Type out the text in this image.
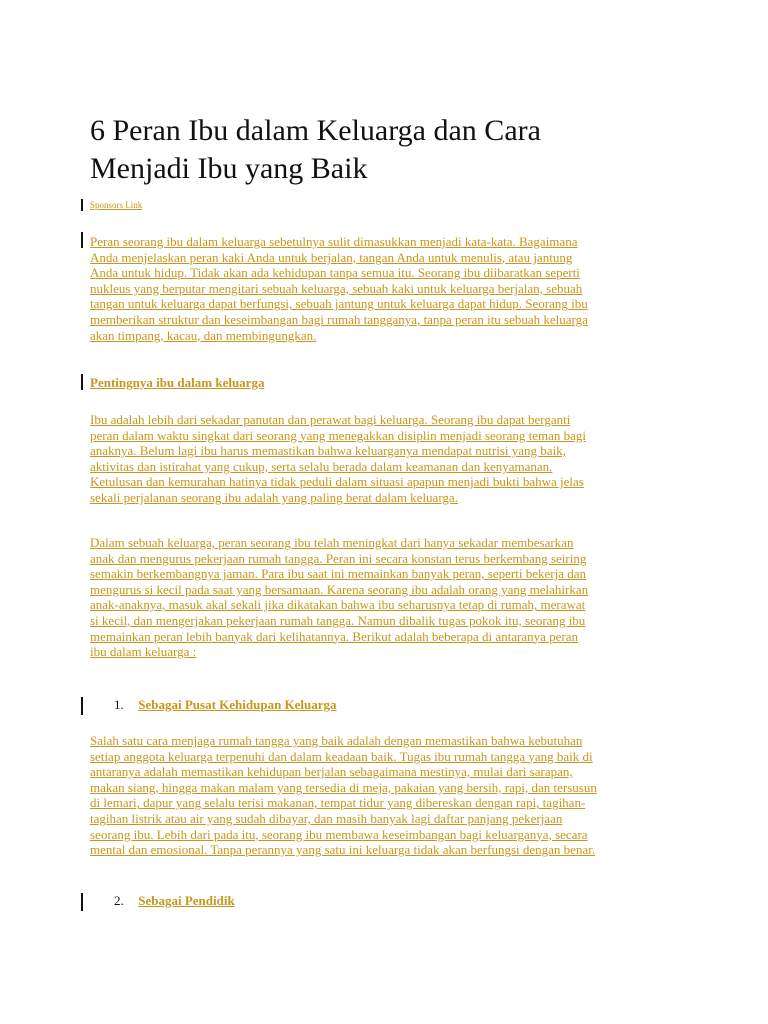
6 Peran Ibu dalam Keluarga dan Cara
Menjadi Ibu yang Baik
Sponsors Link

Peran seorang ibu dalam keluarga sebetulnya sulit dimasukkan menjadi kata-kata. Bagaimana
Anda menjelaskan peran kaki Anda untuk berjalan, tangan Anda untuk menulis, atau jantung
Anda untuk hidup. Tidak akan ada kehidupan tanpa semua itu. Seorang ibu diibaratkan seperti
nukleus yang berputar mengitari sebuah keluarga, sebuah kaki untuk keluarga berjalan, sebuah
tangan untuk keluarga dapat berfungsi, sebuah jantung untuk keluarga dapat hidup. Seorang ibu
memberikan struktur dan keseimbangan bagi rumah tangganya, tanpa peran itu sebuah keluarga
akan timpang, kacau, dan membingungkan.

Pentingnya ibu dalam keluarga

Ibu adalah lebih dari sekadar panutan dan perawat bagi keluarga. Seorang ibu dapat berganti
peran dalam waktu singkat dari seorang yang menegakkan disiplin menjadi seorang teman bagi
anaknya. Belum lagi ibu harus memastikan bahwa keluarganya mendapat nutrisi yang baik,
aktivitas dan istirahat yang cukup, serta selalu berada dalam keamanan dan kenyamanan.
Ketulusan dan kemurahan hatinya tidak peduli dalam situasi apapun menjadi bukti bahwa jelas
sekali perjalanan seorang ibu adalah yang paling berat dalam keluarga.

Dalam sebuah keluarga, peran seorang ibu telah meningkat dari hanya sekadar membesarkan
anak dan mengurus pekerjaan rumah tangga. Peran ini secara konstan terus berkembang seiring
semakin berkembangnya jaman. Para ibu saat ini memainkan banyak peran, seperti bekerja dan
mengurus si kecil pada saat yang bersamaan. Karena seorang ibu adalah orang yang melahirkan
anak-anaknya, masuk akal sekali jika dikatakan bahwa ibu seharusnya tetap di rumah, merawat
si kecil, dan mengerjakan pekerjaan rumah tangga. Namun dibalik tugas pokok itu, seorang ibu
memainkan peran lebih banyak dari kelihatannya. Berikut adalah beberapa di antaranya peran
ibu dalam keluarga :

1. Sebagai Pusat Kehidupan Keluarga

Salah satu cara menjaga rumah tangga yang baik adalah dengan memastikan bahwa kebutuhan
setiap anggota keluarga terpenuhi dan dalam keadaan baik. Tugas ibu rumah tangga yang baik di
antaranya adalah memastikan kehidupan berjalan sebagaimana mestinya, mulai dari sarapan,
makan siang, hingga makan malam yang tersedia di meja, pakaian yang bersih, rapi, dan tersusun
di lemari, dapur yang selalu terisi makanan, tempat tidur yang dibereskan dengan rapi, tagihan-
tagihan listrik atau air yang sudah dibayar, dan masih banyak lagi daftar panjang pekerjaan
seorang ibu. Lebih dari pada itu, seorang ibu membawa keseimbangan bagi keluarganya, secara
mental dan emosional. Tanpa perannya yang satu ini keluarga tidak akan berfungsi dengan benar.

2. Sebagai Pendidik
